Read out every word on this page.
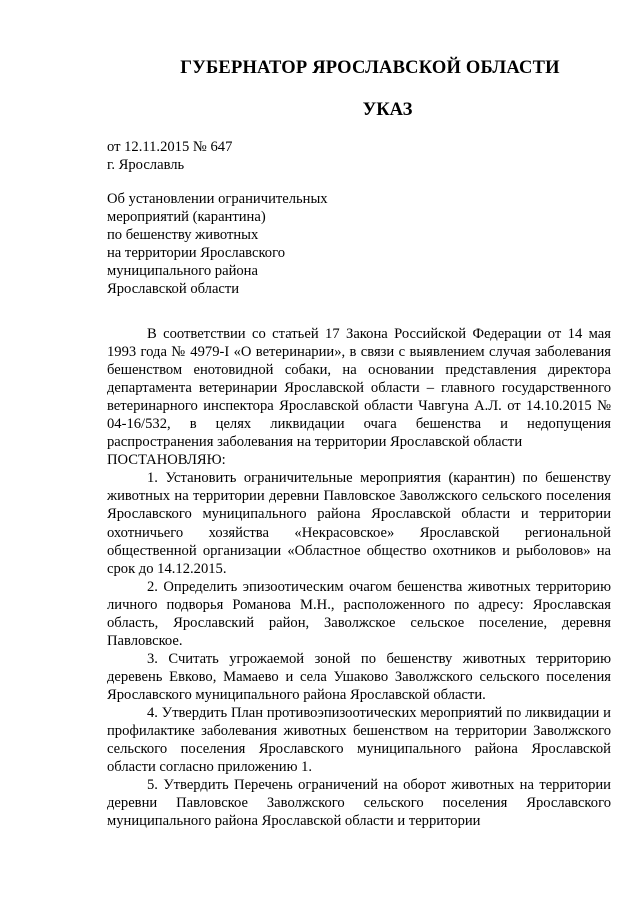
ГУБЕРНАТОР ЯРОСЛАВСКОЙ ОБЛАСТИ
УКАЗ
от 12.11.2015 № 647
г. Ярославль
Об установлении ограничительных
мероприятий (карантина)
по бешенству животных
на территории Ярославского
муниципального района
Ярославской области

В соответствии со статьей 17 Закона Российской Федерации от 14 мая 1993 года № 4979-I «О ветеринарии», в связи с выявлением случая заболевания бешенством енотовидной собаки, на основании представления директора департамента ветеринарии Ярославской области – главного государственного ветеринарного инспектора Ярославской области Чавгуна А.Л. от 14.10.2015 № 04-16/532, в целях ликвидации очага бешенства и недопущения распространения заболевания на территории Ярославской области

ПОСТАНОВЛЯЮ:

1. Установить ограничительные мероприятия (карантин) по бешенству животных на территории деревни Павловское Заволжского сельского поселения Ярославского муниципального района Ярославской области и территории охотничьего хозяйства «Некрасовское» Ярославской региональной общественной организации «Областное общество охотников и рыболовов» на срок до 14.12.2015.

2. Определить эпизоотическим очагом бешенства животных территорию личного подворья Романова М.Н., расположенного по адресу: Ярославская область, Ярославский район, Заволжское сельское поселение, деревня Павловское.

3. Считать угрожаемой зоной по бешенству животных территорию деревень Евково, Мамаево и села Ушаково Заволжского сельского поселения Ярославского муниципального района Ярославской области.

4. Утвердить План противоэпизоотических мероприятий по ликвидации и профилактике заболевания животных бешенством на территории Заволжского сельского поселения Ярославского муниципального района Ярославской области согласно приложению 1.

5. Утвердить Перечень ограничений на оборот животных на территории деревни Павловское Заволжского сельского поселения Ярославского муниципального района Ярославской области и территории
